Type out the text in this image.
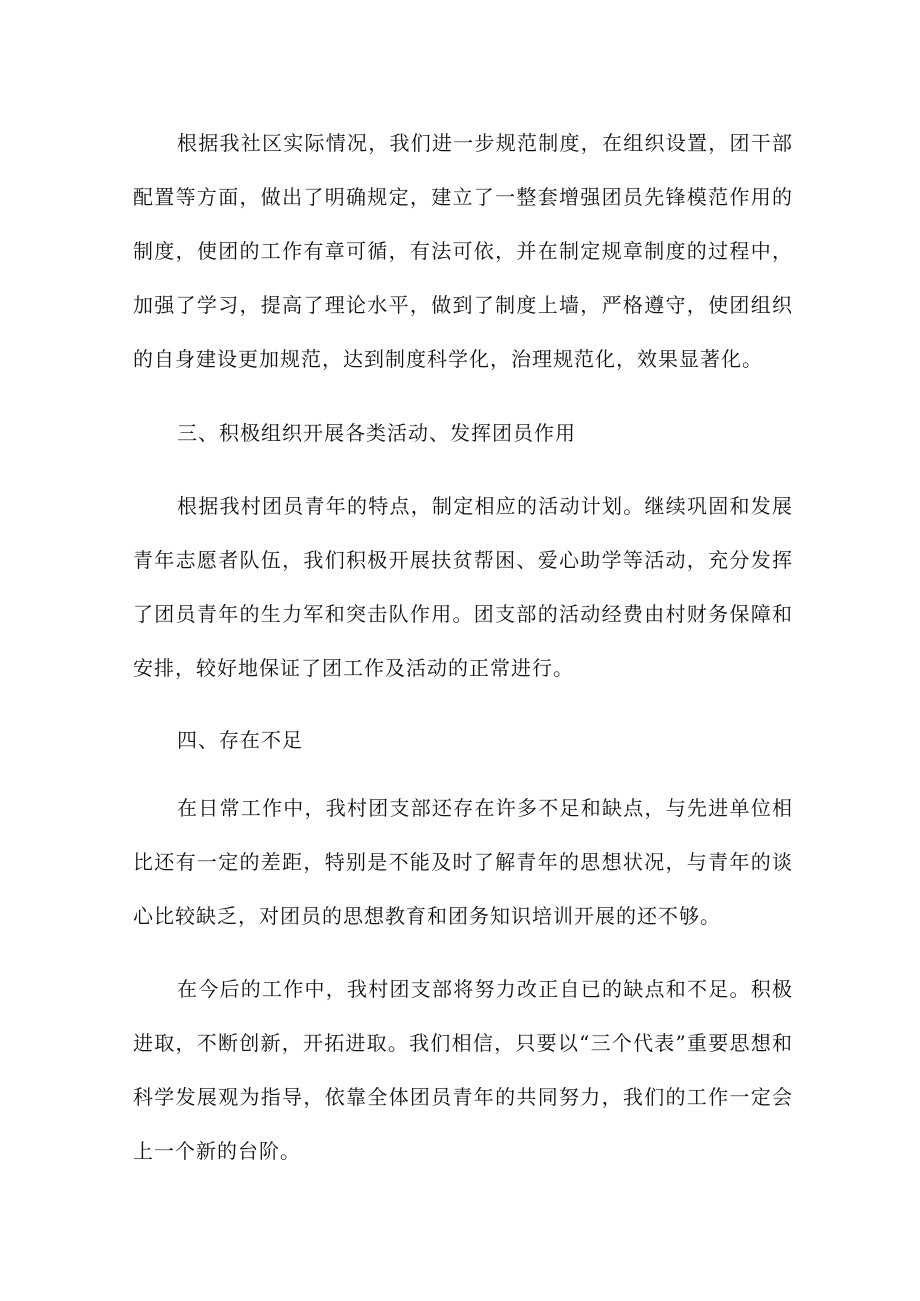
根据我社区实际情况，我们进一步规范制度，在组织设置，团干部配置等方面，做出了明确规定，建立了一整套增强团员先锋模范作用的制度，使团的工作有章可循，有法可依，并在制定规章制度的过程中，加强了学习，提高了理论水平，做到了制度上墙，严格遵守，使团组织的自身建设更加规范，达到制度科学化，治理规范化，效果显著化。

三、积极组织开展各类活动、发挥团员作用

根据我村团员青年的特点，制定相应的活动计划。继续巩固和发展青年志愿者队伍，我们积极开展扶贫帮困、爱心助学等活动，充分发挥了团员青年的生力军和突击队作用。团支部的活动经费由村财务保障和安排，较好地保证了团工作及活动的正常进行。

四、存在不足

在日常工作中，我村团支部还存在许多不足和缺点，与先进单位相比还有一定的差距，特别是不能及时了解青年的思想状况，与青年的谈心比较缺乏，对团员的思想教育和团务知识培训开展的还不够。

在今后的工作中，我村团支部将努力改正自已的缺点和不足。积极进取，不断创新，开拓进取。我们相信，只要以“三个代表”重要思想和科学发展观为指导，依靠全体团员青年的共同努力，我们的工作一定会上一个新的台阶。
